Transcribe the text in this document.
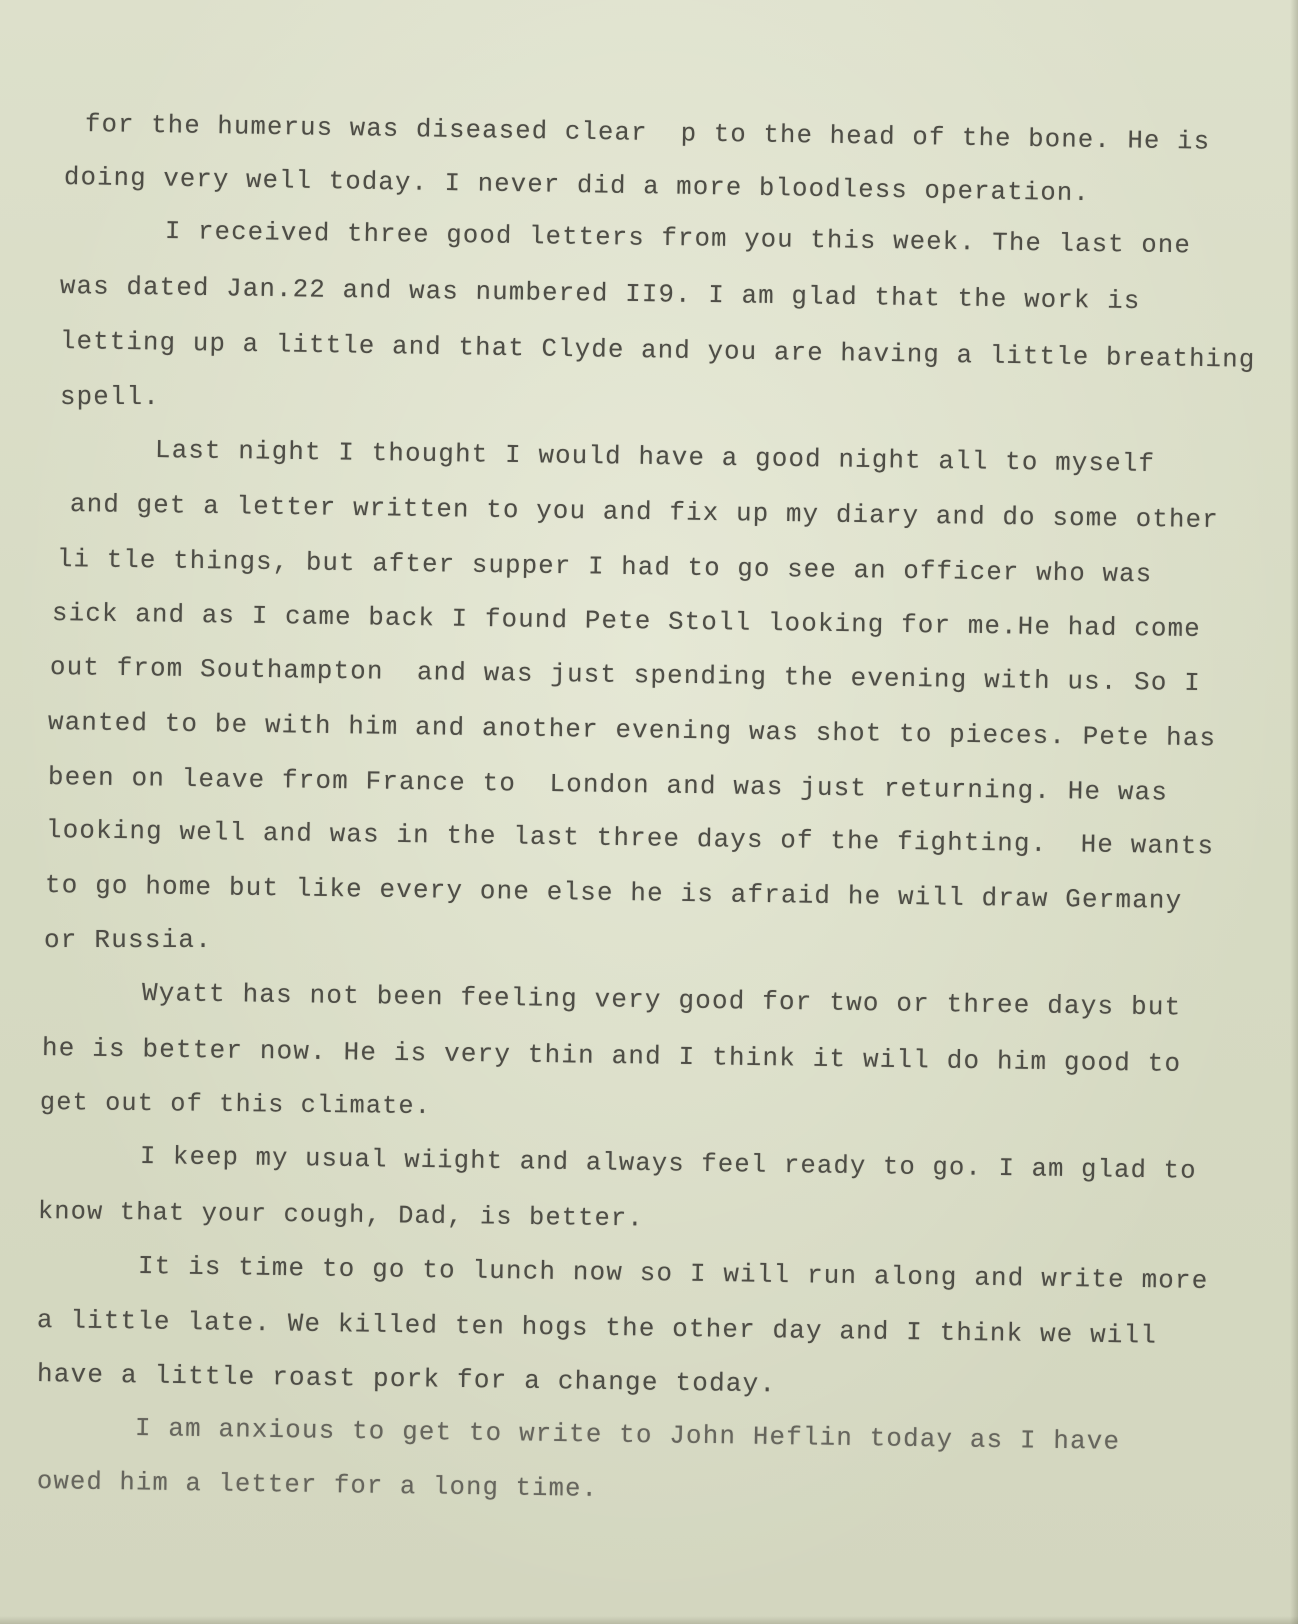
for the humerus was diseased clear  p to the head of the bone. He is
doing very well today. I never did a more bloodless operation.
I received three good letters from you this week. The last one
was dated Jan.22 and was numbered II9. I am glad that the work is
letting up a little and that Clyde and you are having a little breathing
spell.
Last night I thought I would have a good night all to myself
and get a letter written to you and fix up my diary and do some other
li tle things, but after supper I had to go see an officer who was
sick and as I came back I found Pete Stoll looking for me.He had come
out from Southampton  and was just spending the evening with us. So I
wanted to be with him and another evening was shot to pieces. Pete has
been on leave from France to  London and was just returning. He was
looking well and was in the last three days of the fighting.  He wants
to go home but like every one else he is afraid he will draw Germany
or Russia.
Wyatt has not been feeling very good for two or three days but
he is better now. He is very thin and I think it will do him good to
get out of this climate.
I keep my usual wiight and always feel ready to go. I am glad to
know that your cough, Dad, is better.
It is time to go to lunch now so I will run along and write more
a little late. We killed ten hogs the other day and I think we will
have a little roast pork for a change today.
I am anxious to get to write to John Heflin today as I have
owed him a letter for a long time.
